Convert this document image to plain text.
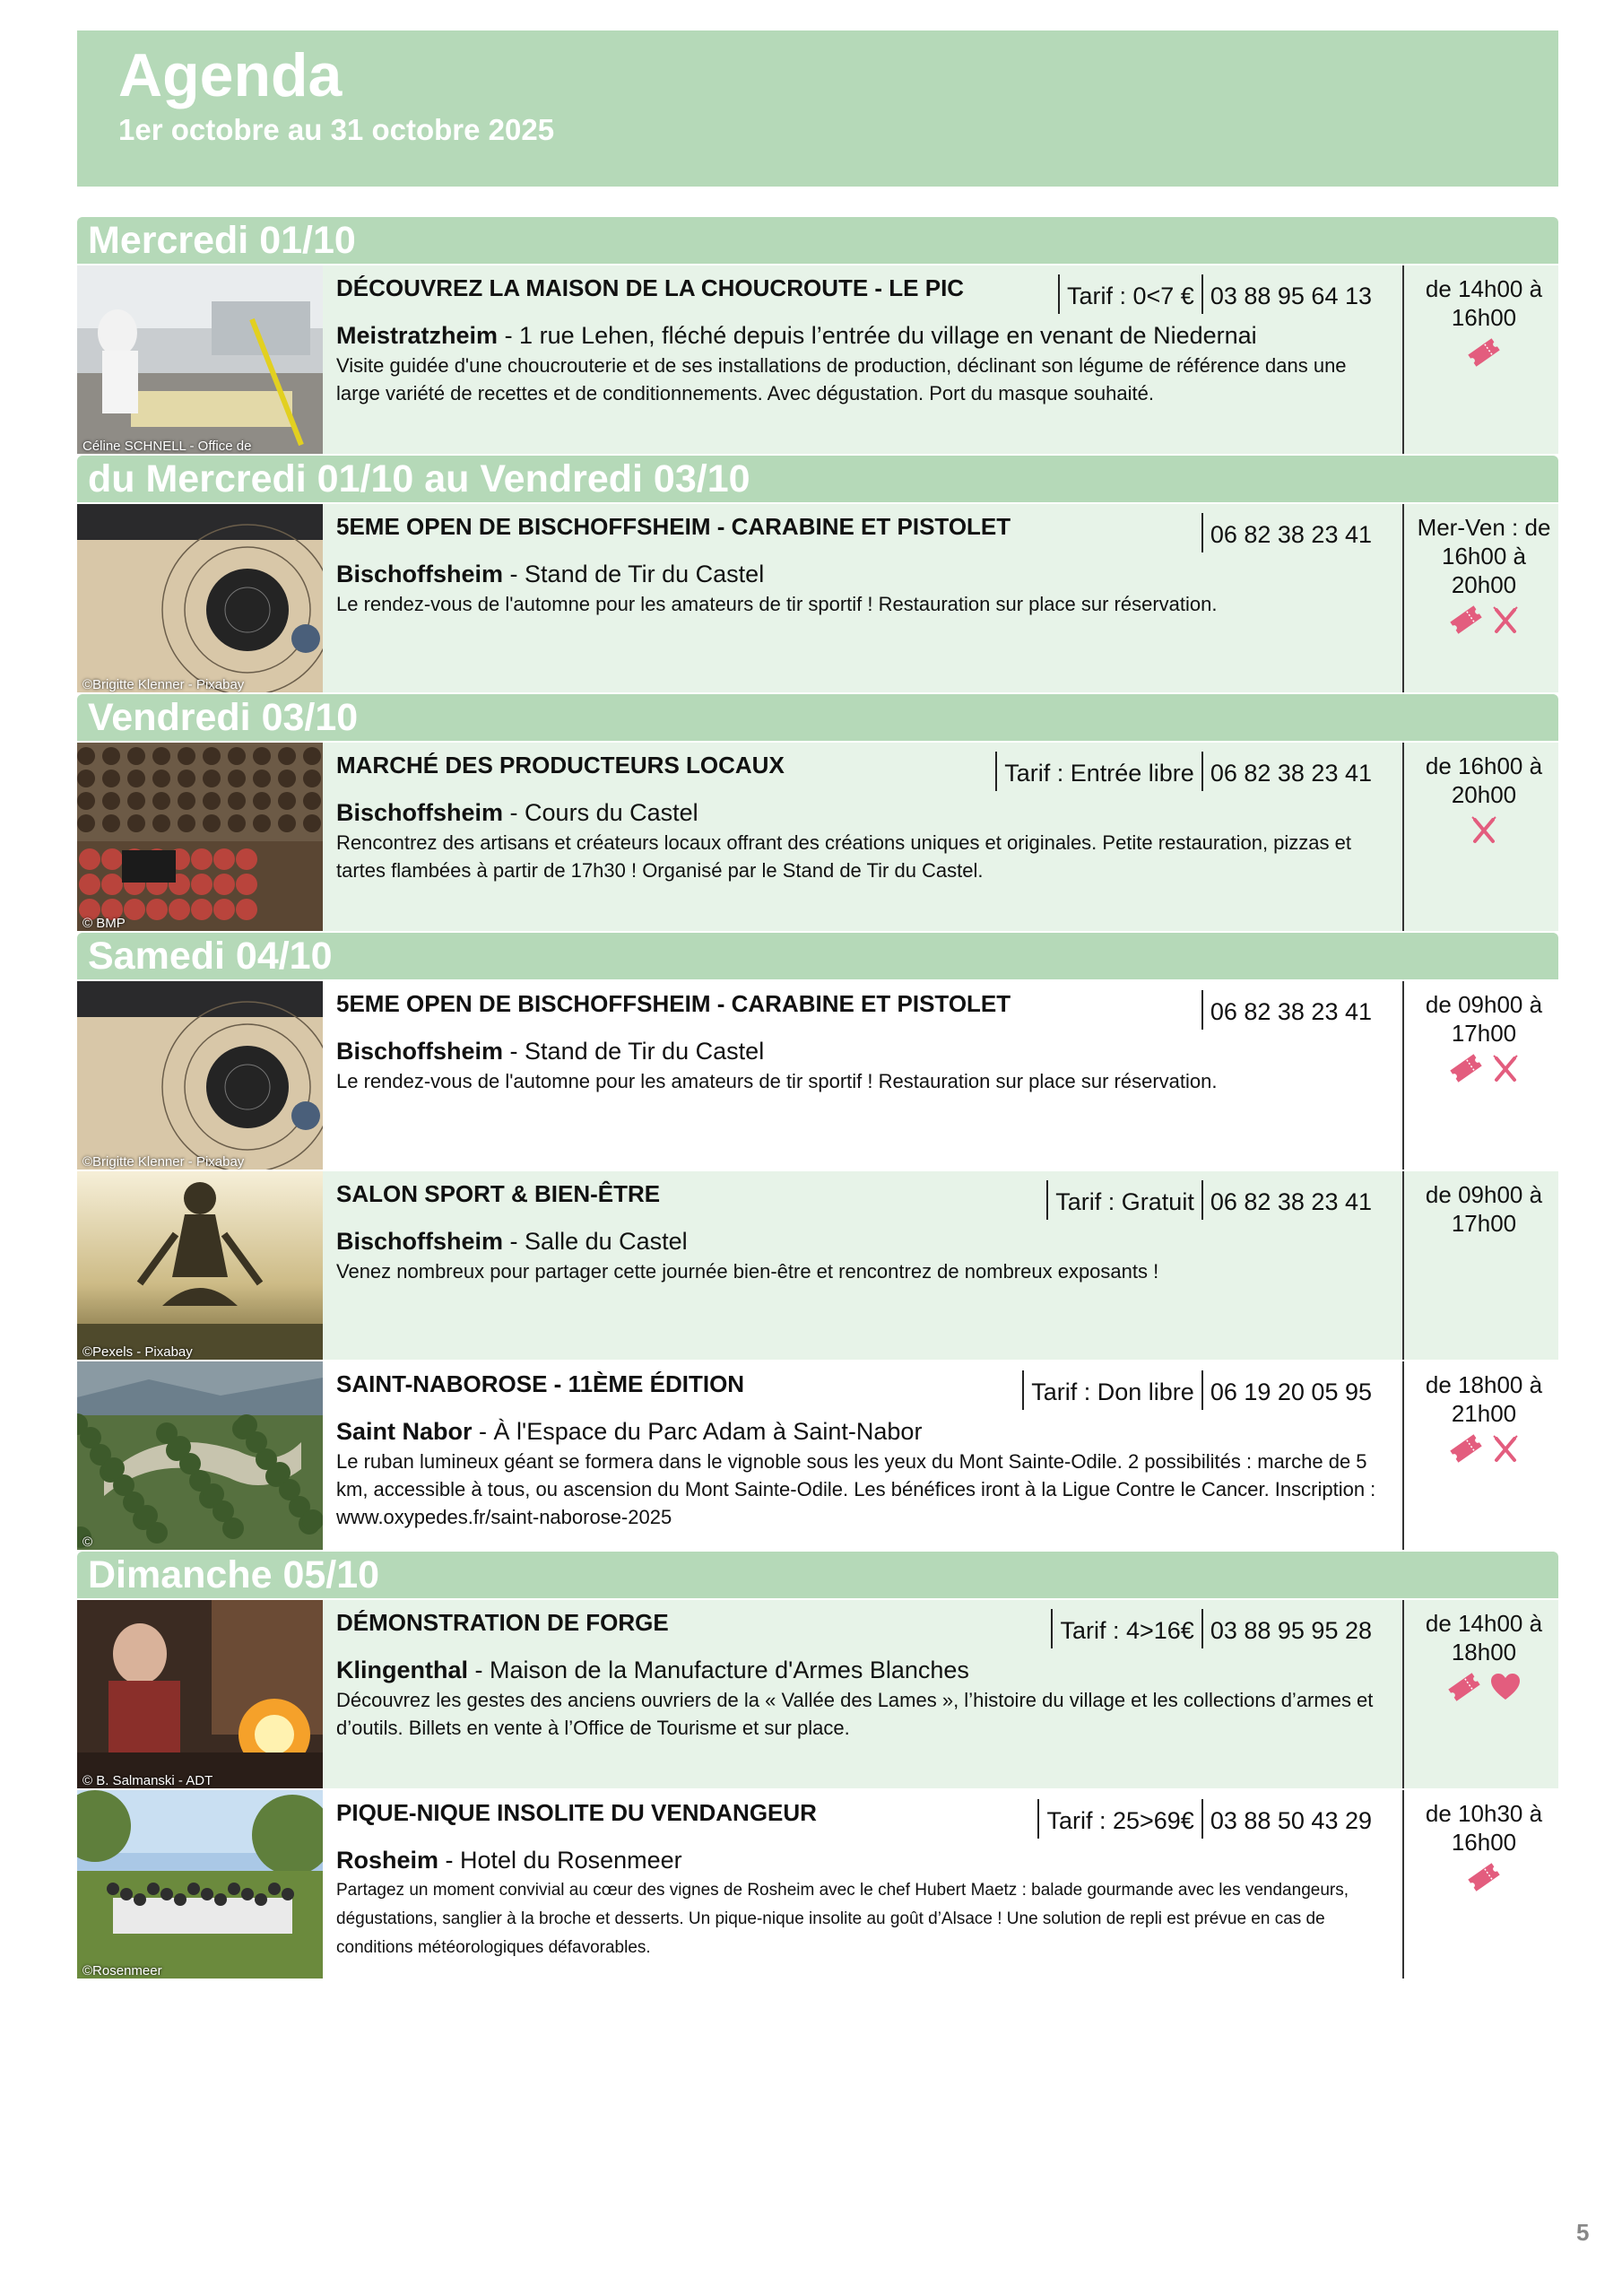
Agenda
1er octobre au 31 octobre 2025
Mercredi 01/10
Céline SCHNELL - Office de
DÉCOUVREZ LA MAISON DE LA CHOUCROUTE - LE PIC	Tarif : 0<7 € 03 88 95 64 13
Meistratzheim - 1 rue Lehen, fléché depuis l’entrée du village en venant de Niedernai
Visite guidée d'une choucrouterie et de ses installations de production, déclinant son légume de référence dans une large variété de recettes et de conditionnements. Avec dégustation. Port du masque souhaité.
de 14h00 à 16h00
du Mercredi 01/10 au Vendredi 03/10
©Brigitte Klenner - Pixabay
5EME OPEN DE BISCHOFFSHEIM - CARABINE ET PISTOLET	06 82 38 23 41
Bischoffsheim - Stand de Tir du Castel
Le rendez-vous de l'automne pour les amateurs de tir sportif ! Restauration sur place sur réservation.
Mer-Ven : de 16h00 à 20h00
Vendredi 03/10
© BMP
MARCHÉ DES PRODUCTEURS LOCAUX	Tarif : Entrée libre 06 82 38 23 41
Bischoffsheim - Cours du Castel
Rencontrez des artisans et créateurs locaux offrant des créations uniques et originales. Petite restauration, pizzas et tartes flambées à partir de 17h30 ! Organisé par le Stand de Tir du Castel.
de 16h00 à 20h00
Samedi 04/10
©Brigitte Klenner - Pixabay
5EME OPEN DE BISCHOFFSHEIM - CARABINE ET PISTOLET	06 82 38 23 41
Bischoffsheim - Stand de Tir du Castel
Le rendez-vous de l'automne pour les amateurs de tir sportif ! Restauration sur place sur réservation.
de 09h00 à 17h00
©Pexels - Pixabay
SALON SPORT & BIEN-ÊTRE	Tarif : Gratuit 06 82 38 23 41
Bischoffsheim - Salle du Castel
Venez nombreux pour partager cette journée bien-être et rencontrez de nombreux exposants !
de 09h00 à 17h00
©
SAINT-NABOROSE - 11ÈME ÉDITION	Tarif : Don libre 06 19 20 05 95
Saint Nabor - À l'Espace du Parc Adam à Saint-Nabor
Le ruban lumineux géant se formera dans le vignoble sous les yeux du Mont Sainte-Odile. 2 possibilités : marche de 5 km, accessible à tous, ou ascension du Mont Sainte-Odile. Les bénéfices iront à la Ligue Contre le Cancer. Inscription : www.oxypedes.fr/saint-naborose-2025
de 18h00 à 21h00
Dimanche 05/10
© B. Salmanski - ADT
DÉMONSTRATION DE FORGE	Tarif : 4>16€ 03 88 95 95 28
Klingenthal - Maison de la Manufacture d'Armes Blanches
Découvrez les gestes des anciens ouvriers de la « Vallée des Lames », l’histoire du village et les collections d’armes et d’outils. Billets en vente à l’Office de Tourisme et sur place.
de 14h00 à 18h00
©Rosenmeer
PIQUE-NIQUE INSOLITE DU VENDANGEUR	Tarif : 25>69€ 03 88 50 43 29
Rosheim - Hotel du Rosenmeer
Partagez un moment convivial au cœur des vignes de Rosheim avec le chef Hubert Maetz : balade gourmande avec les vendangeurs, dégustations, sanglier à la broche et desserts. Un pique-nique insolite au goût d’Alsace ! Une solution de repli est prévue en cas de conditions météorologiques défavorables.
de 10h30 à 16h00
5
